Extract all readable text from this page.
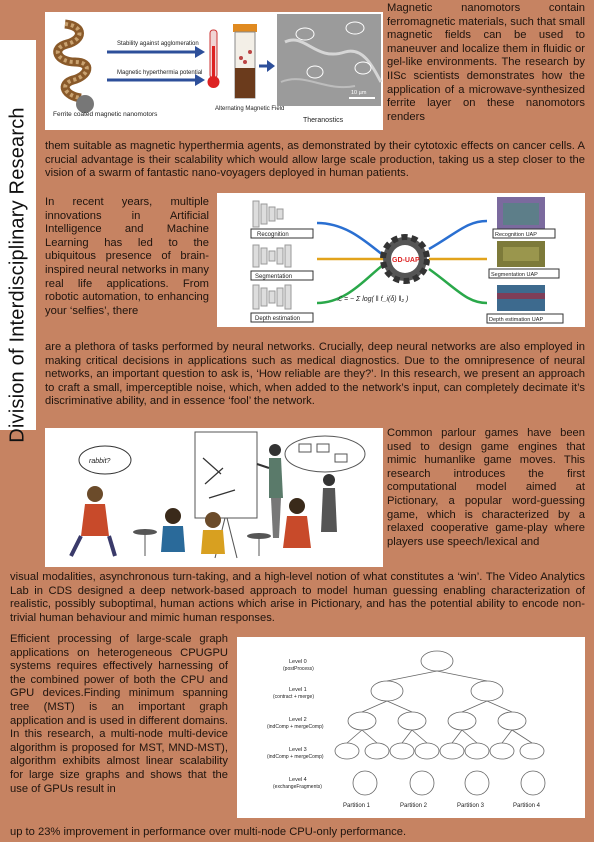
Division of Interdisciplinary Research	Ferrite coated magnetic nanomotors
Stability against agglomeration
Magnetic hyperthermia potential
Alternating Magnetic Field
10 µm
Theranostics

Magnetic nanomotors contain ferromagnetic materials, such that small magnetic fields can be used to maneuver and localize them in fluidic or gel-like environments. The research by IISc scientists demonstrates how the application of a microwave-synthesized ferrite layer on these nanomotors renders

them suitable as magnetic hyperthermia agents, as demonstrated by their cytotoxic effects on cancer cells. A crucial advantage is their scalability which would allow large scale production, taking us a step closer to the vision of a swarm of fantastic nano-voyagers deployed in human patients.

In recent years, multiple innovations in Artificial Intelligence and Machine Learning has led to the ubiquitous presence of brain-inspired neural networks in many real life applications. From robotic automation, to enhancing your ‘selfies’, there

Recognition
Segmentation
Depth estimation
GD-UAP
ℒ = − Σ log( ‖ f_i(δ) ‖₂ )
Recognition UAP
Segmentation UAP
Depth estimation UAP

are a plethora of tasks performed by neural networks. Crucially, deep neural networks are also employed in making critical decisions in applications such as medical diagnostics. Due to the omnipresence of neural networks, an important question to ask is, ‘How reliable are they?’. In this research, we present an approach to craft a small, imperceptible noise, which, when added to the network’s input, can completely decimate it’s discriminative ability, and in essence ‘fool’ the network.

rabbit?

Common parlour games have been used to design game engines that mimic humanlike game moves. This research introduces the first computational model aimed at Pictionary, a popular word-guessing game, which is characterized by a relaxed cooperative game-play where players use speech/lexical and

visual modalities, asynchronous turn-taking, and a high-level notion of what constitutes a ‘win’. The Video Analytics Lab in CDS designed a deep network-based approach to model human guessing enabling characterization of realistic, possibly suboptimal, human actions which arise in Pictionary, and has the potential ability to encode non-trivial human behaviour and mimic human responses.

Efficient processing of large-scale graph applications on heterogeneous CPUGPU systems requires effectively harnessing of the combined power of both the CPU and GPU devices.Finding minimum spanning tree (MST) is an important graph application and is used in different domains. In this research, a multi-node multi-device algorithm is proposed for MST, MND-MST), algorithm exhibits almost linear scalability for large size graphs and shows that the use of GPUs result in

Level 0
(postProcess)
Level 1
(contract + merge)
Level 2
(indComp + mergeComp)
Level 3
(indComp + mergeComp)
Level 4
(exchangeFragments)
Partition 1	Partition 2	Partition 3	Partition 4

up to 23% improvement in performance over multi-node CPU-only performance.
